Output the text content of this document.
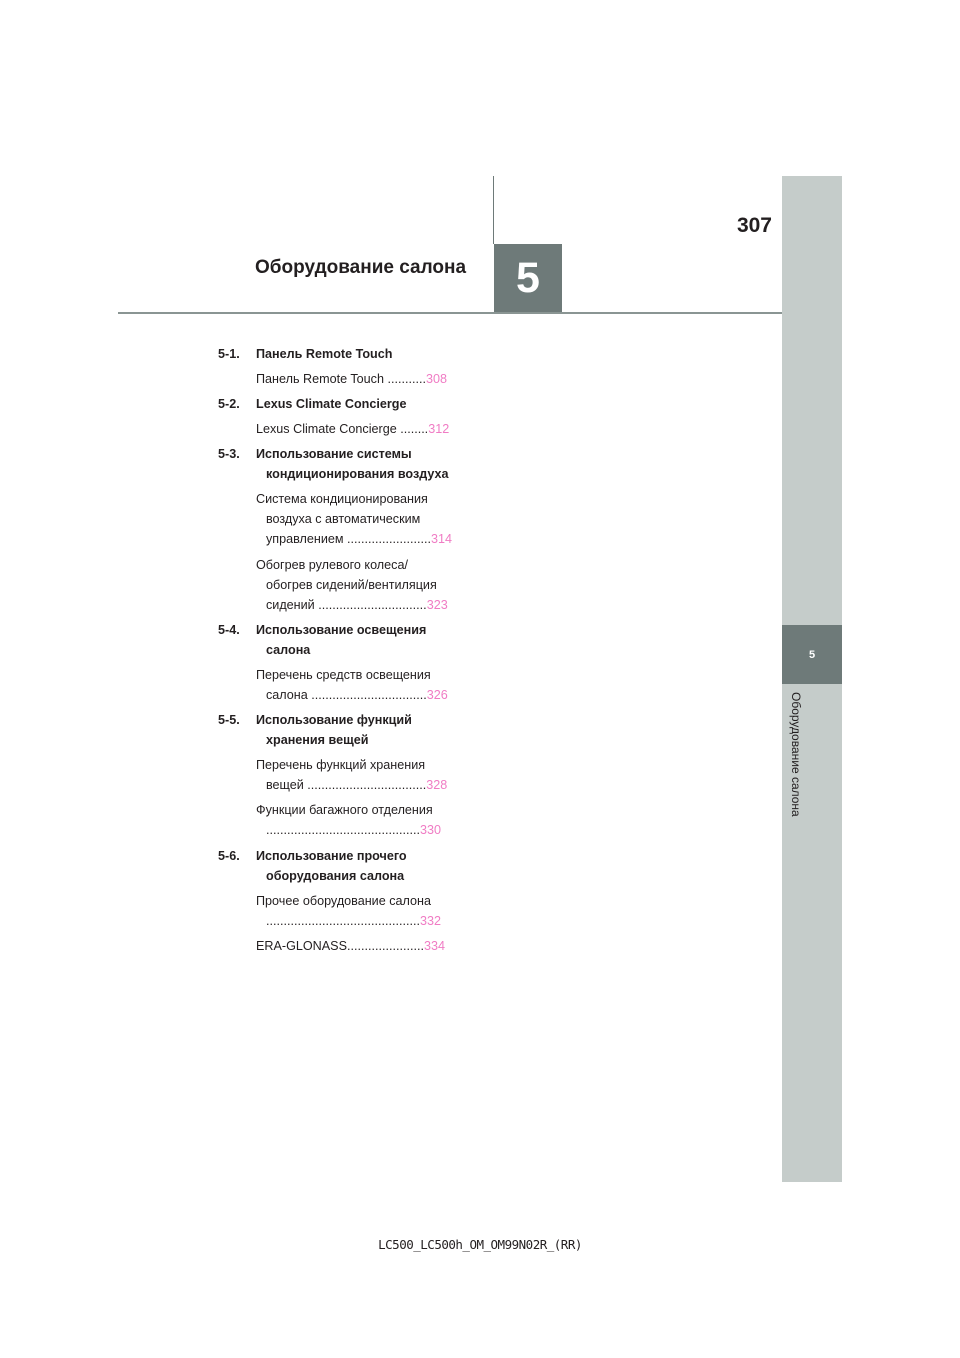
5
307
Оборудование салона
5
Оборудование салона
5-1. Панель Remote Touch
Панель Remote Touch ...........308
5-2. Lexus Climate Concierge
Lexus Climate Concierge ........312
5-3. Использование системы
кондиционирования воздуха
Система кондиционирования
воздуха с автоматическим
управлением ........................314
Обогрев рулевого колеса/
обогрев сидений/вентиляция
сидений ...............................323
5-4. Использование освещения
салона
Перечень средств освещения
салона .................................326
5-5. Использование функций
хранения вещей
Перечень функций хранения
вещей ..................................328
Функции багажного отделения
............................................330
5-6. Использование прочего
оборудования салона
Прочее оборудование салона
............................................332
ERA-GLONASS......................334
LC500_LC500h_OM_OM99N02R_(RR)
